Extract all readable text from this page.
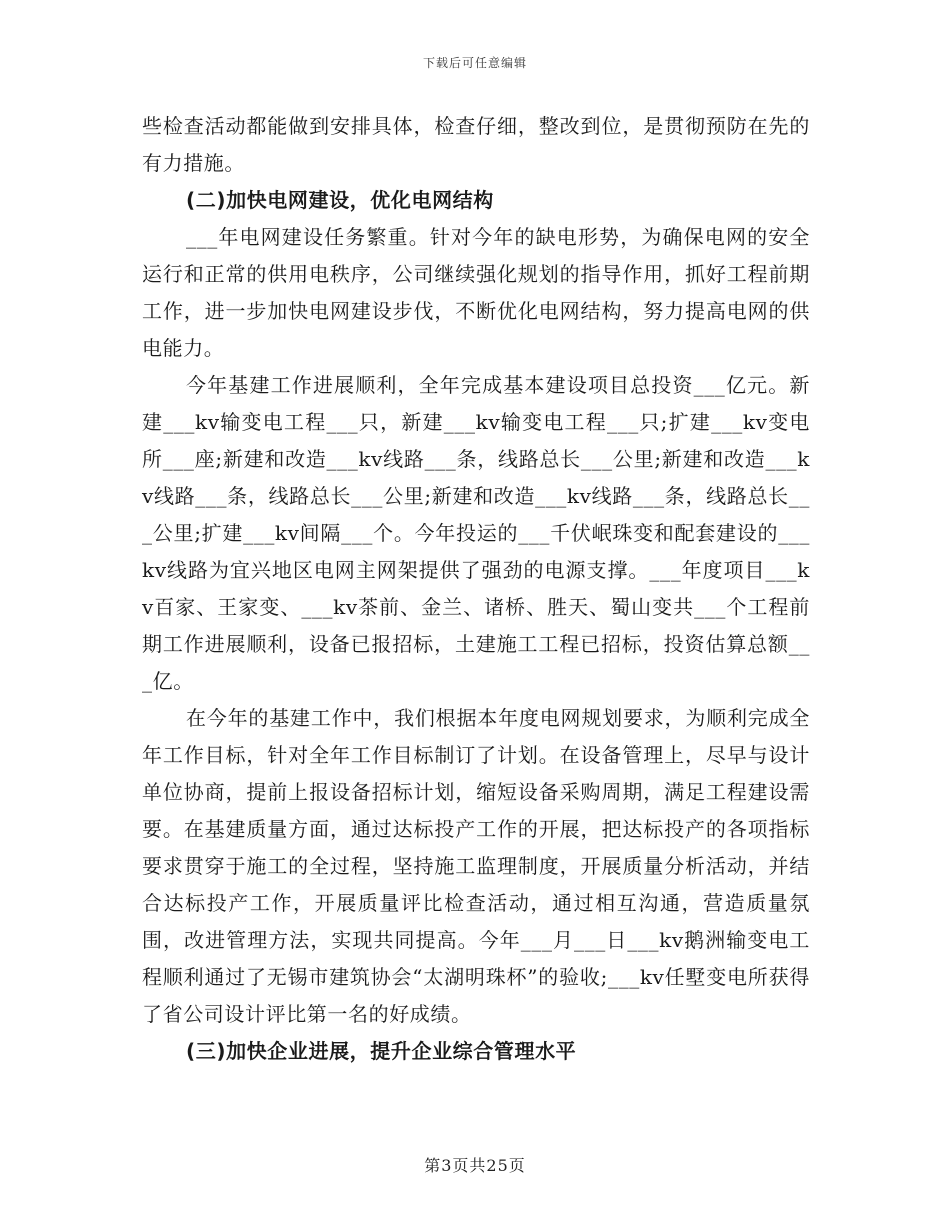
下载后可任意编辑

些检查活动都能做到安排具体，检查仔细，整改到位，是贯彻预防在先的有力措施。

(二)加快电网建设，优化电网结构

___年电网建设任务繁重。针对今年的缺电形势，为确保电网的安全运行和正常的供用电秩序，公司继续强化规划的指导作用，抓好工程前期工作，进一步加快电网建设步伐，不断优化电网结构，努力提高电网的供电能力。

今年基建工作进展顺利，全年完成基本建设项目总投资___亿元。新建___kv输变电工程___只，新建___kv输变电工程___只;扩建___kv变电所___座;新建和改造___kv线路___条，线路总长___公里;新建和改造___kv线路___条，线路总长___公里;新建和改造___kv线路___条，线路总长___公里;扩建___kv间隔___个。今年投运的___千伏岷珠变和配套建设的___kv线路为宜兴地区电网主网架提供了强劲的电源支撑。___年度项目___kv百家、王家变、___kv茶前、金兰、诸桥、胜天、蜀山变共___个工程前期工作进展顺利，设备已报招标，土建施工工程已招标，投资估算总额___亿。

在今年的基建工作中，我们根据本年度电网规划要求，为顺利完成全年工作目标，针对全年工作目标制订了计划。在设备管理上，尽早与设计单位协商，提前上报设备招标计划，缩短设备采购周期，满足工程建设需要。在基建质量方面，通过达标投产工作的开展，把达标投产的各项指标要求贯穿于施工的全过程，坚持施工监理制度，开展质量分析活动，并结合达标投产工作，开展质量评比检查活动，通过相互沟通，营造质量氛围，改进管理方法，实现共同提高。今年___月___日___kv鹅洲输变电工程顺利通过了无锡市建筑协会“太湖明珠杯”的验收;___kv任墅变电所获得了省公司设计评比第一名的好成绩。

(三)加快企业进展，提升企业综合管理水平

第3页共25页
